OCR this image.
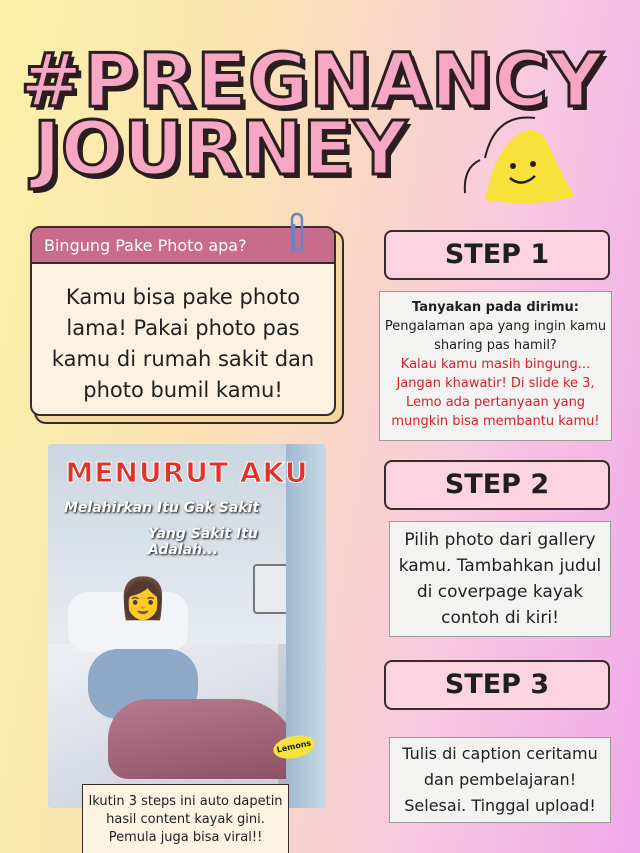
#PREGNANCY
JOURNEY
Bingung Pake Photo apa?
Kamu bisa pake photo lama! Pakai photo pas kamu di rumah sakit dan photo bumil kamu!
👩
MENURUT AKU
Melahirkan Itu Gak Sakit
Yang Sakit Itu Adalah...
Lemons
Ikutin 3 steps ini auto dapetin hasil content kayak gini. Pemula juga bisa viral!!
STEP 1
Tanyakan pada dirimu:
Pengalaman apa yang ingin kamu sharing pas hamil?
Kalau kamu masih bingung... Jangan khawatir! Di slide ke 3, Lemo ada pertanyaan yang mungkin bisa membantu kamu!
STEP 2
Pilih photo dari gallery kamu. Tambahkan judul di coverpage kayak contoh di kiri!
STEP 3
Tulis di caption ceritamu dan pembelajaran! Selesai. Tinggal upload!
